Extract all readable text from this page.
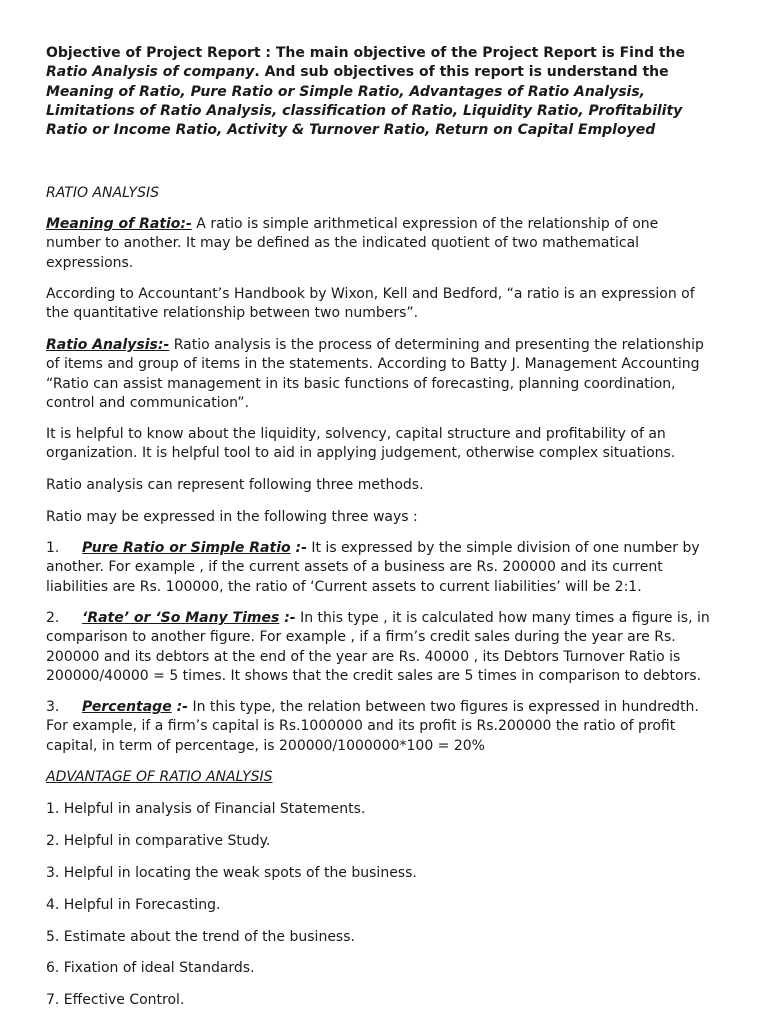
Objective of Project Report : The main objective of the Project Report is Find the
Ratio Analysis of company. And sub objectives of this report is understand the
Meaning of Ratio, Pure Ratio or Simple Ratio, Advantages of Ratio Analysis,
Limitations of Ratio Analysis, classification of Ratio, Liquidity Ratio, Profitability
Ratio or Income Ratio, Activity & Turnover Ratio, Return on Capital Employed
RATIO ANALYSIS
Meaning of Ratio:- A ratio is simple arithmetical expression of the relationship of one
number to another. It may be defined as the indicated quotient of two mathematical
expressions.
According to Accountant’s Handbook by Wixon, Kell and Bedford, “a ratio is an expression of
the quantitative relationship between two numbers”.
Ratio Analysis:- Ratio analysis is the process of determining and presenting the relationship
of items and group of items in the statements. According to Batty J. Management Accounting
“Ratio can assist management in its basic functions of forecasting, planning coordination,
control and communication”.
It is helpful to know about the liquidity, solvency, capital structure and profitability of an
organization. It is helpful tool to aid in applying judgement, otherwise complex situations.
Ratio analysis can represent following three methods.
Ratio may be expressed in the following three ways :
1. Pure Ratio or Simple Ratio :- It is expressed by the simple division of one number by
another. For example , if the current assets of a business are Rs. 200000 and its current
liabilities are Rs. 100000, the ratio of ‘Current assets to current liabilities’ will be 2:1.
2. ‘Rate’ or ‘So Many Times :- In this type , it is calculated how many times a figure is, in
comparison to another figure. For example , if a firm’s credit sales during the year are Rs.
200000 and its debtors at the end of the year are Rs. 40000 , its Debtors Turnover Ratio is
200000/40000 = 5 times. It shows that the credit sales are 5 times in comparison to debtors.
3. Percentage :- In this type, the relation between two figures is expressed in hundredth.
For example, if a firm’s capital is Rs.1000000 and its profit is Rs.200000 the ratio of profit
capital, in term of percentage, is 200000/1000000*100 = 20%
ADVANTAGE OF RATIO ANALYSIS
1. Helpful in analysis of Financial Statements.
2. Helpful in comparative Study.
3. Helpful in locating the weak spots of the business.
4. Helpful in Forecasting.
5. Estimate about the trend of the business.
6. Fixation of ideal Standards.
7. Effective Control.
